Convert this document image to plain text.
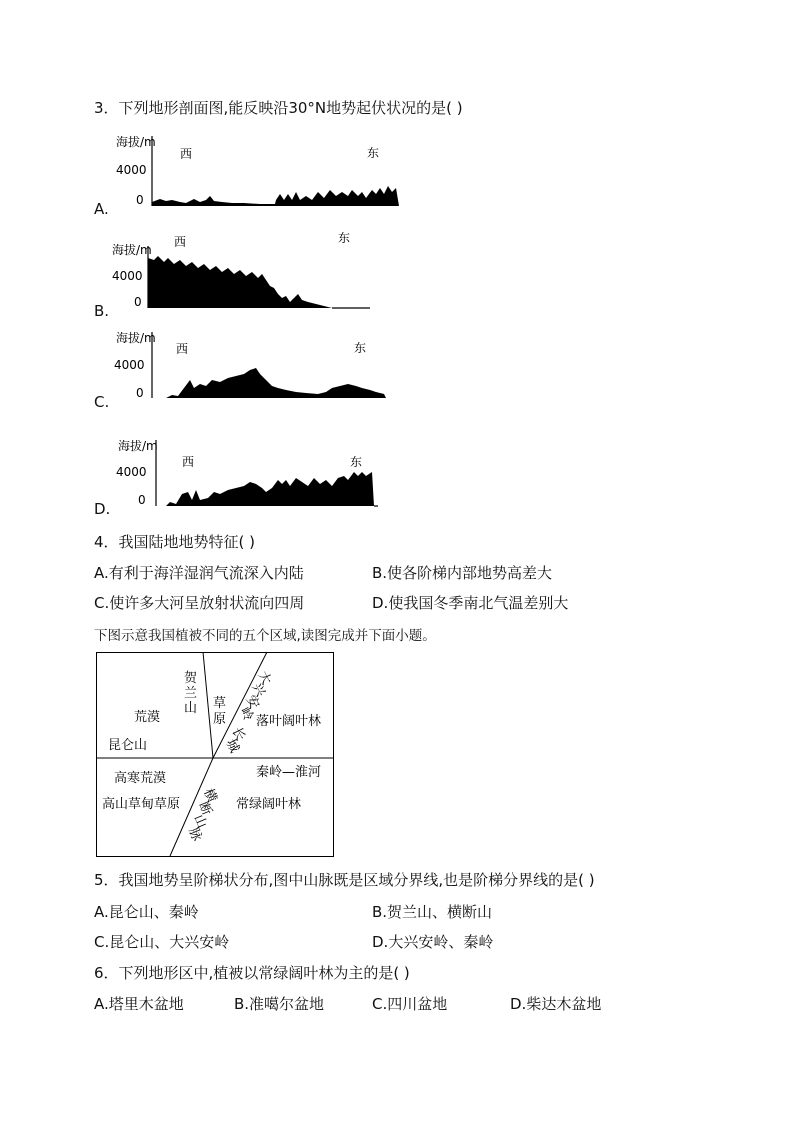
3．下列地形剖面图,能反映沿30°N地势起伏状况的是( )
A.
海拔/m
4000
0
西	东
B.
海拔/m
4000
0
西	东
C.
海拔/m
4000
0
西	东
D.
海拔/m
4000
0
西	东
4．我国陆地地势特征( )
A.有利于海洋湿润气流深入内陆	B.使各阶梯内部地势高差大
C.使许多大河呈放射状流向四周	D.使我国冬季南北气温差别大
下图示意我国植被不同的五个区域,读图完成并下面小题。
贺
兰
山
荒漠
昆仑山
草
原
大
兴
安
岭
长
城
落叶阔叶林
秦岭—淮河
高寒荒漠
高山草甸草原 横
断
山
脉
常绿阔叶林
5．我国地势呈阶梯状分布,图中山脉既是区域分界线,也是阶梯分界线的是( )
A.昆仑山、秦岭	B.贺兰山、横断山
C.昆仑山、大兴安岭	D.大兴安岭、秦岭
6．下列地形区中,植被以常绿阔叶林为主的是( )
A.塔里木盆地	B.准噶尔盆地	C.四川盆地	D.柴达木盆地
